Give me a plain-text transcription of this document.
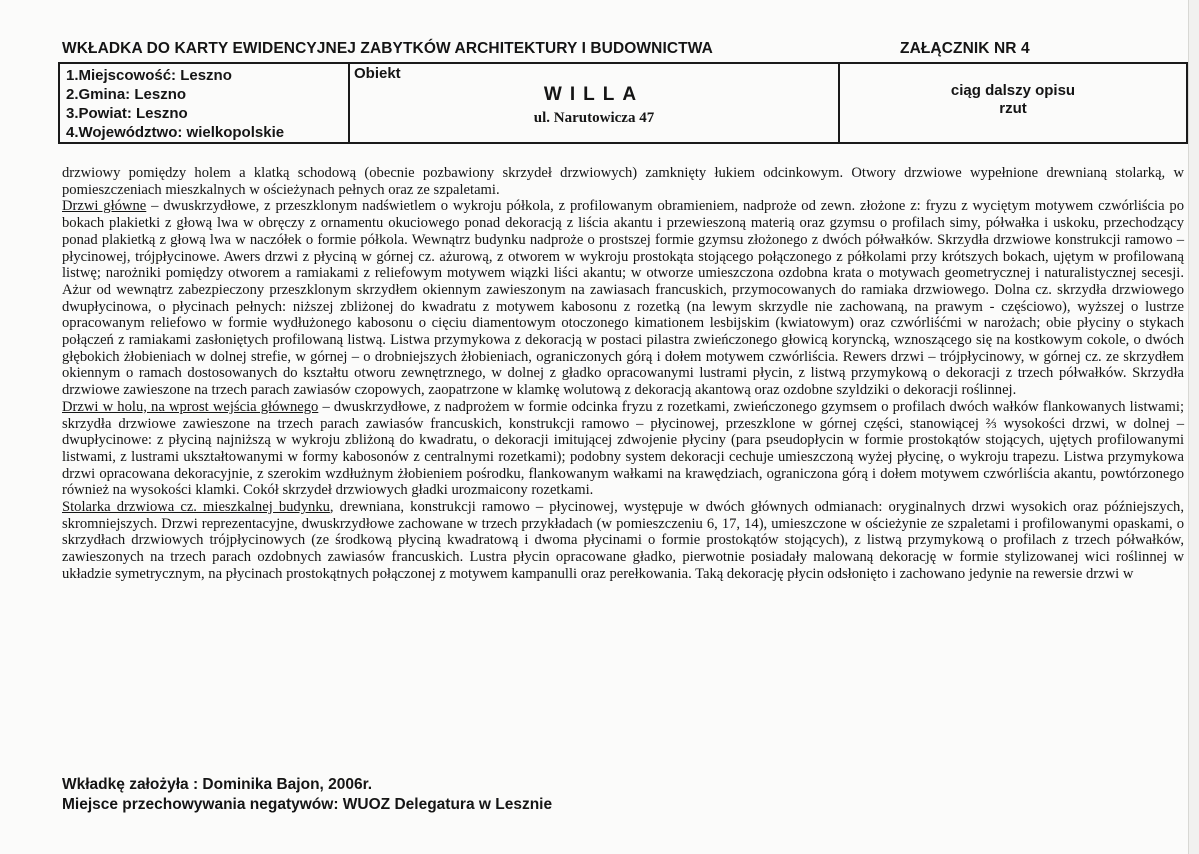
WKŁADKA DO KARTY EWIDENCYJNEJ ZABYTKÓW ARCHITEKTURY I BUDOWNICTWA	ZAŁĄCZNIK NR 4
1.Miejscowość: Leszno
2.Gmina: Leszno
3.Powiat: Leszno
4.Województwo: wielkopolskie

Obiekt
WILLA
ul. Narutowicza 47

ciąg dalszy opisu
rzut

drzwiowy pomiędzy holem a klatką schodową (obecnie pozbawiony skrzydeł drzwiowych) zamknięty łukiem odcinkowym. Otwory drzwiowe wypełnione drewnianą stolarką, w pomieszczeniach mieszkalnych w ościeżynach pełnych oraz ze szpaletami.

Drzwi główne – dwuskrzydłowe, z przeszklonym nadświetlem o wykroju półkola, z profilowanym obramieniem, nadproże od zewn. złożone z: fryzu z wyciętym motywem czwórliścia po bokach plakietki z głową lwa w obręczy z ornamentu okuciowego ponad dekoracją z liścia akantu i przewieszoną materią oraz gzymsu o profilach simy, półwałka i uskoku, przechodzący ponad plakietką z głową lwa w naczółek o formie półkola. Wewnątrz budynku nadproże o prostszej formie gzymsu złożonego z dwóch półwałków. Skrzydła drzwiowe konstrukcji ramowo – płycinowej, trójpłycinowe. Awers drzwi z płyciną w górnej cz. ażurową, z otworem w wykroju prostokąta stojącego połączonego z półkolami przy krótszych bokach, ujętym w profilowaną listwę; narożniki pomiędzy otworem a ramiakami z reliefowym motywem wiązki liści akantu; w otworze umieszczona ozdobna krata o motywach geometrycznej i naturalistycznej secesji. Ażur od wewnątrz zabezpieczony przeszklonym skrzydłem okiennym zawieszonym na zawiasach francuskich, przymocowanych do ramiaka drzwiowego. Dolna cz. skrzydła drzwiowego dwupłycinowa, o płycinach pełnych: niższej zbliżonej do kwadratu z motywem kabosonu z rozetką (na lewym skrzydle nie zachowaną, na prawym - częściowo), wyższej o lustrze opracowanym reliefowo w formie wydłużonego kabosonu o cięciu diamentowym otoczonego kimationem lesbijskim (kwiatowym) oraz czwórliśćmi w narożach; obie płyciny o stykach połączeń z ramiakami zasłoniętych profilowaną listwą. Listwa przymykowa z dekoracją w postaci pilastra zwieńczonego głowicą koryncką, wznoszącego się na kostkowym cokole, o dwóch głębokich żłobieniach w dolnej strefie, w górnej – o drobniejszych żłobieniach, ograniczonych górą i dołem motywem czwórliścia. Rewers drzwi – trójpłycinowy, w górnej cz. ze skrzydłem okiennym o ramach dostosowanych do kształtu otworu zewnętrznego, w dolnej z gładko opracowanymi lustrami płycin, z listwą przymykową o dekoracji z trzech półwałków. Skrzydła drzwiowe zawieszone na trzech parach zawiasów czopowych, zaopatrzone w klamkę wolutową z dekoracją akantową oraz ozdobne szyldziki o dekoracji roślinnej.

Drzwi w holu, na wprost wejścia głównego – dwuskrzydłowe, z nadprożem w formie odcinka fryzu z rozetkami, zwieńczonego gzymsem o profilach dwóch wałków flankowanych listwami; skrzydła drzwiowe zawieszone na trzech parach zawiasów francuskich, konstrukcji ramowo – płycinowej, przeszklone w górnej części, stanowiącej ⅔ wysokości drzwi, w dolnej – dwupłycinowe: z płyciną najniższą w wykroju zbliżoną do kwadratu, o dekoracji imitującej zdwojenie płyciny (para pseudopłycin w formie prostokątów stojących, ujętych profilowanymi listwami, z lustrami ukształtowanymi w formy kabosonów z centralnymi rozetkami); podobny system dekoracji cechuje umieszczoną wyżej płycinę, o wykroju trapezu. Listwa przymykowa drzwi opracowana dekoracyjnie, z szerokim wzdłużnym żłobieniem pośrodku, flankowanym wałkami na krawędziach, ograniczona górą i dołem motywem czwórliścia akantu, powtórzonego również na wysokości klamki. Cokół skrzydeł drzwiowych gładki urozmaicony rozetkami.

Stolarka drzwiowa cz. mieszkalnej budynku, drewniana, konstrukcji ramowo – płycinowej, występuje w dwóch głównych odmianach: oryginalnych drzwi wysokich oraz późniejszych, skromniejszych. Drzwi reprezentacyjne, dwuskrzydłowe zachowane w trzech przykładach (w pomieszczeniu 6, 17, 14), umieszczone w ościeżynie ze szpaletami i profilowanymi opaskami, o skrzydłach drzwiowych trójpłycinowych (ze środkową płyciną kwadratową i dwoma płycinami o formie prostokątów stojących), z listwą przymykową o profilach z trzech półwałków, zawieszonych na trzech parach ozdobnych zawiasów francuskich. Lustra płycin opracowane gładko, pierwotnie posiadały malowaną dekorację w formie stylizowanej wici roślinnej w układzie symetrycznym, na płycinach prostokątnych połączonej z motywem kampanulli oraz perełkowania. Taką dekorację płycin odsłonięto i zachowano jedynie na rewersie drzwi w

Wkładkę założyła : Dominika Bajon, 2006r.
Miejsce przechowywania negatywów: WUOZ Delegatura w Lesznie
